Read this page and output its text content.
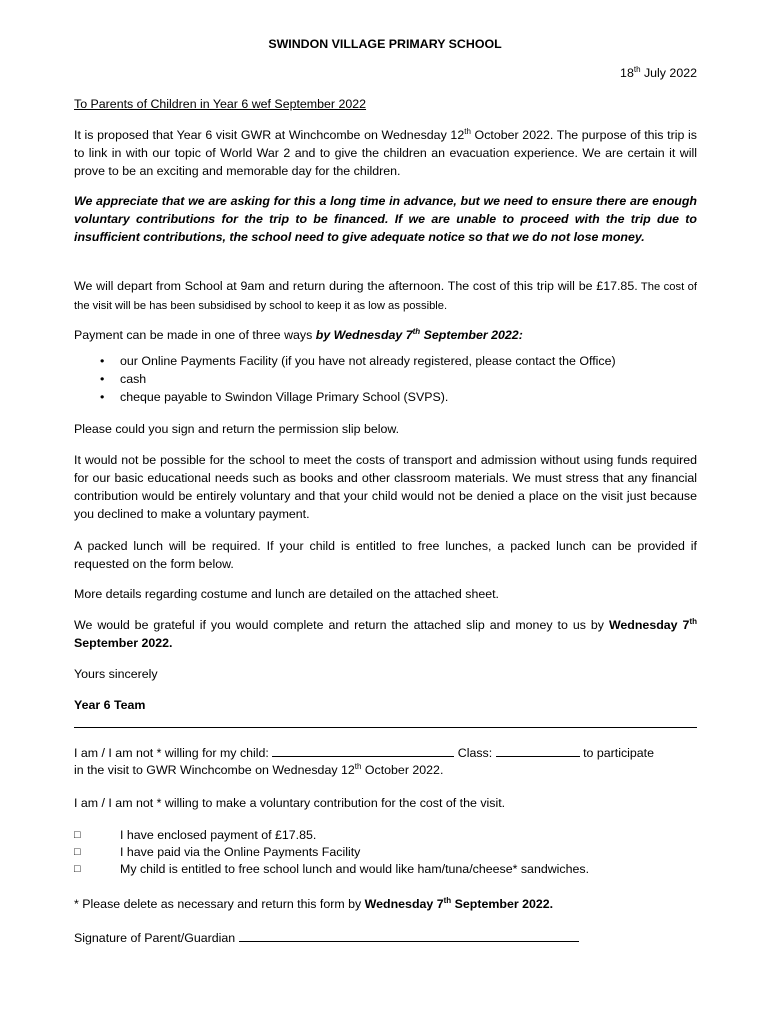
SWINDON VILLAGE PRIMARY SCHOOL
18th July 2022
To Parents of Children in Year 6 wef September 2022

It is proposed that Year 6 visit GWR at Winchcombe on Wednesday 12th October 2022. The purpose of this trip is to link in with our topic of World War 2 and to give the children an evacuation experience. We are certain it will prove to be an exciting and memorable day for the children.

We appreciate that we are asking for this a long time in advance, but we need to ensure there are enough voluntary contributions for the trip to be financed. If we are unable to proceed with the trip due to insufficient contributions, the school need to give adequate notice so that we do not lose money.

We will depart from School at 9am and return during the afternoon. The cost of this trip will be £17.85. The cost of the visit will be has been subsidised by school to keep it as low as possible.

Payment can be made in one of three ways by Wednesday 7th September 2022:

• our Online Payments Facility (if you have not already registered, please contact the Office)
• cash
• cheque payable to Swindon Village Primary School (SVPS).

Please could you sign and return the permission slip below.

It would not be possible for the school to meet the costs of transport and admission without using funds required for our basic educational needs such as books and other classroom materials. We must stress that any financial contribution would be entirely voluntary and that your child would not be denied a place on the visit just because you declined to make a voluntary payment.

A packed lunch will be required. If your child is entitled to free lunches, a packed lunch can be provided if requested on the form below.

More details regarding costume and lunch are detailed on the attached sheet.

We would be grateful if you would complete and return the attached slip and money to us by Wednesday 7th September 2022.

Yours sincerely
Year 6 Team
I am / I am not * willing for my child:	Class:	to participate
in the visit to GWR Winchcombe on Wednesday 12th October 2022.
I am / I am not * willing to make a voluntary contribution for the cost of the visit.
□	I have enclosed payment of £17.85.
□	I have paid via the Online Payments Facility
□	My child is entitled to free school lunch and would like ham/tuna/cheese* sandwiches.
* Please delete as necessary and return this form by Wednesday 7th September 2022.
Signature of Parent/Guardian
